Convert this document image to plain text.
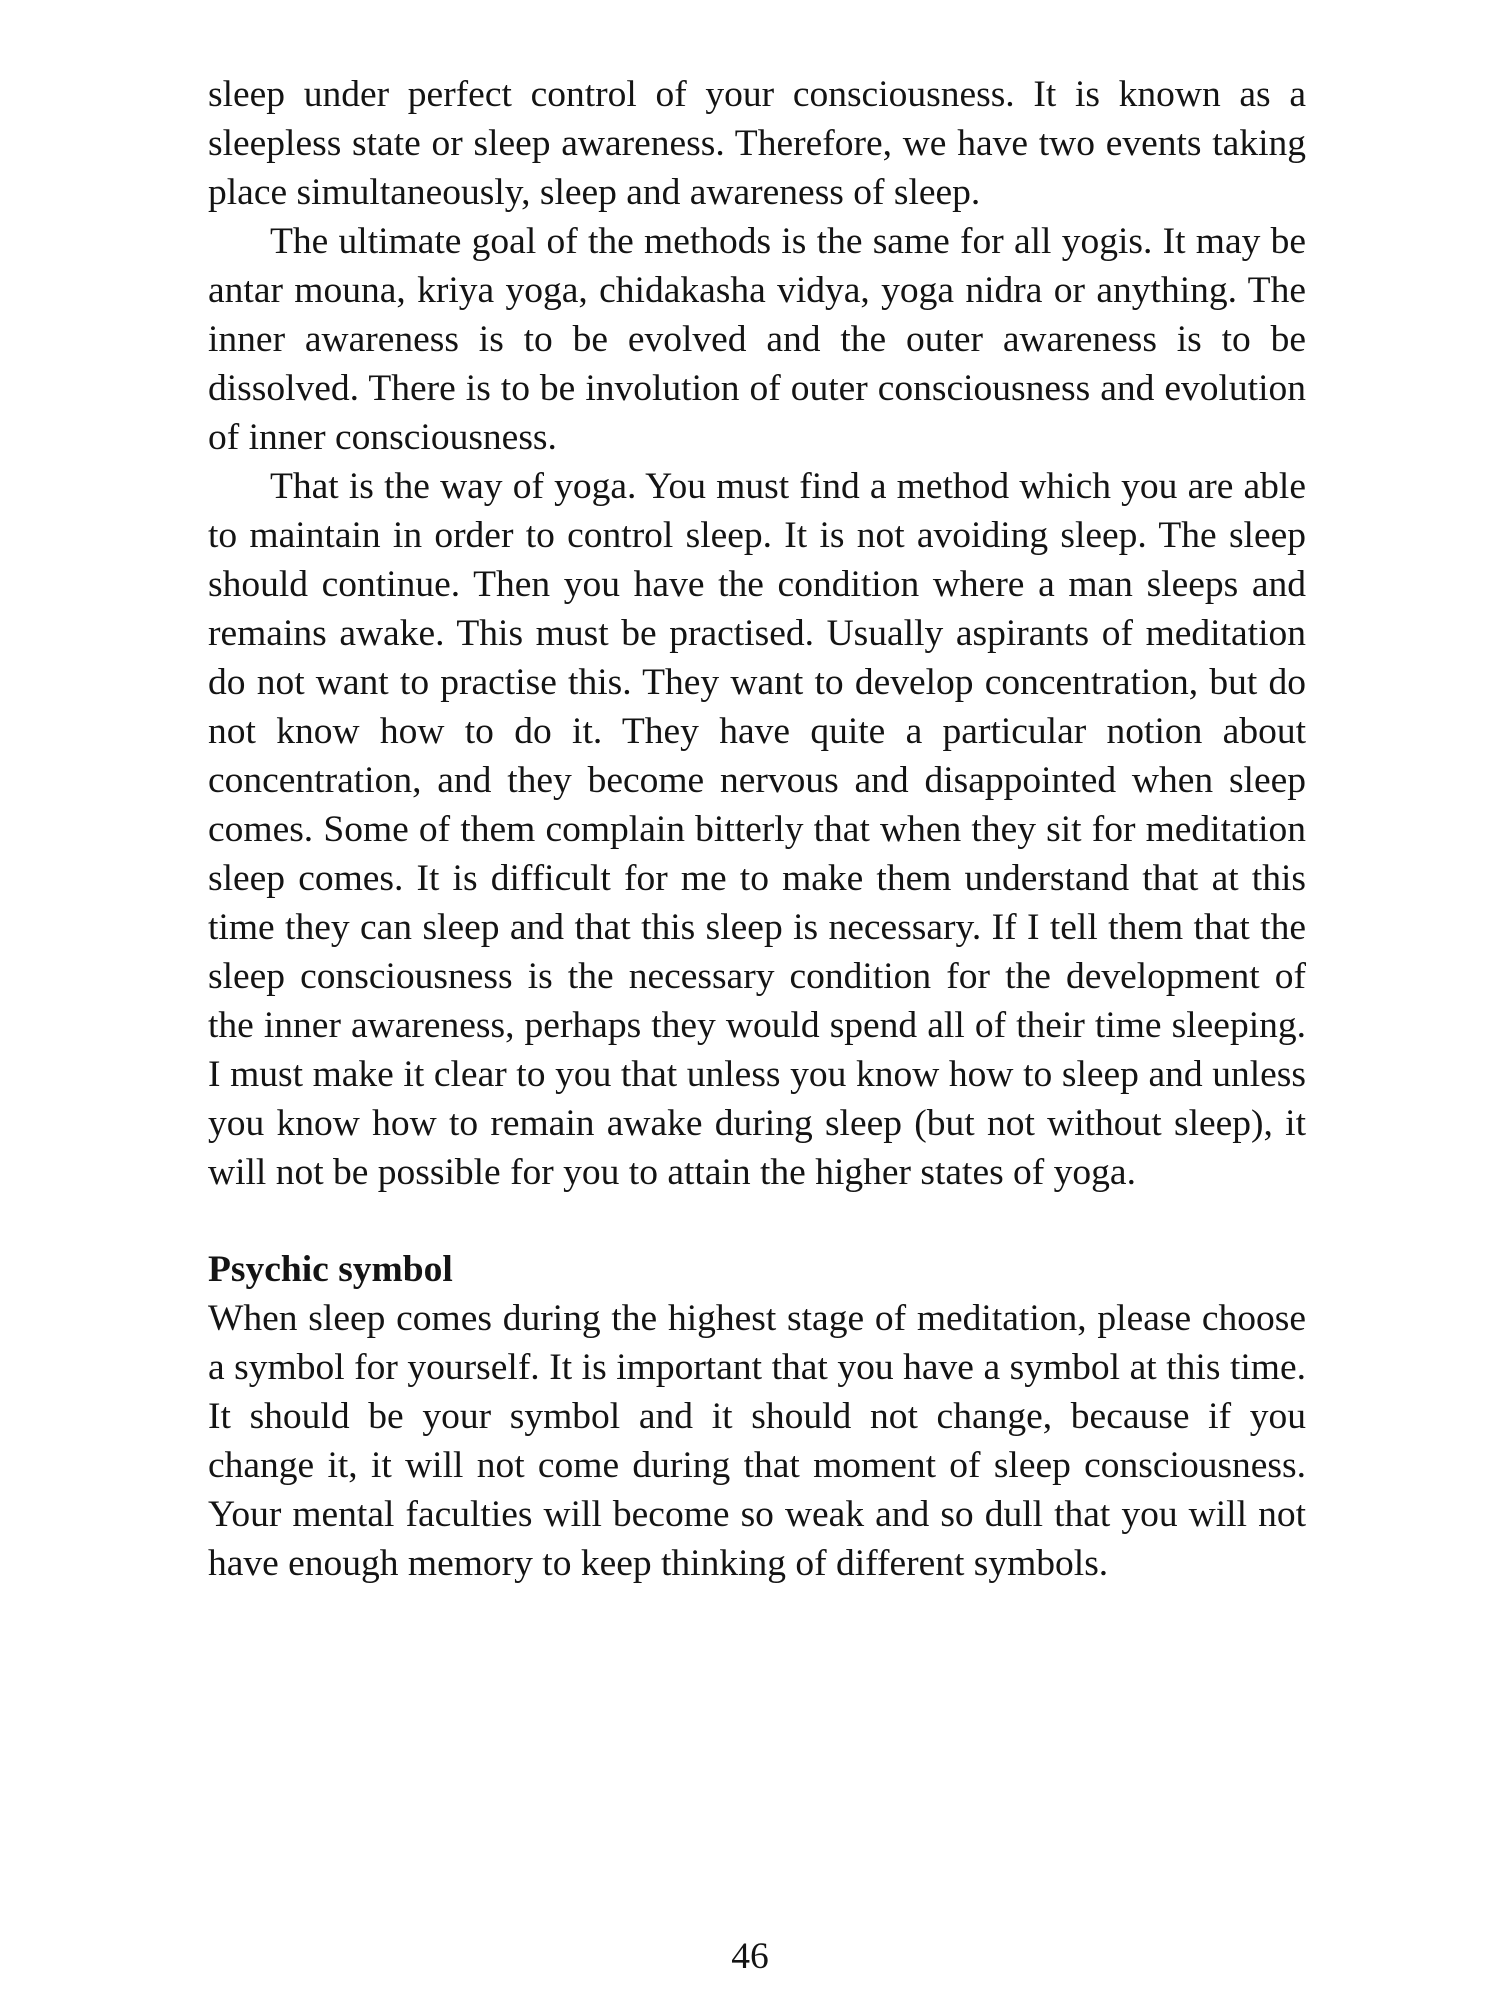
sleep under perfect control of your consciousness. It is known as a sleepless state or sleep awareness. Therefore, we have two events taking place simultaneously, sleep and awareness of sleep.

The ultimate goal of the methods is the same for all yogis. It may be antar mouna, kriya yoga, chidakasha vidya, yoga nidra or anything. The inner awareness is to be evolved and the outer awareness is to be dissolved. There is to be involution of outer consciousness and evolution of inner consciousness.

That is the way of yoga. You must find a method which you are able to maintain in order to control sleep. It is not avoiding sleep. The sleep should continue. Then you have the condition where a man sleeps and remains awake. This must be practised. Usually aspirants of meditation do not want to practise this. They want to develop concentration, but do not know how to do it. They have quite a particular notion about concentration, and they become nervous and disappointed when sleep comes. Some of them complain bitterly that when they sit for meditation sleep comes. It is difficult for me to make them understand that at this time they can sleep and that this sleep is necessary. If I tell them that the sleep consciousness is the necessary condition for the development of the inner awareness, perhaps they would spend all of their time sleeping. I must make it clear to you that unless you know how to sleep and unless you know how to remain awake during sleep (but not without sleep), it will not be possible for you to attain the higher states of yoga.

Psychic symbol

When sleep comes during the highest stage of meditation, please choose a symbol for yourself. It is important that you have a symbol at this time. It should be your symbol and it should not change, because if you change it, it will not come during that moment of sleep consciousness. Your mental faculties will become so weak and so dull that you will not have enough memory to keep thinking of different symbols.

46
